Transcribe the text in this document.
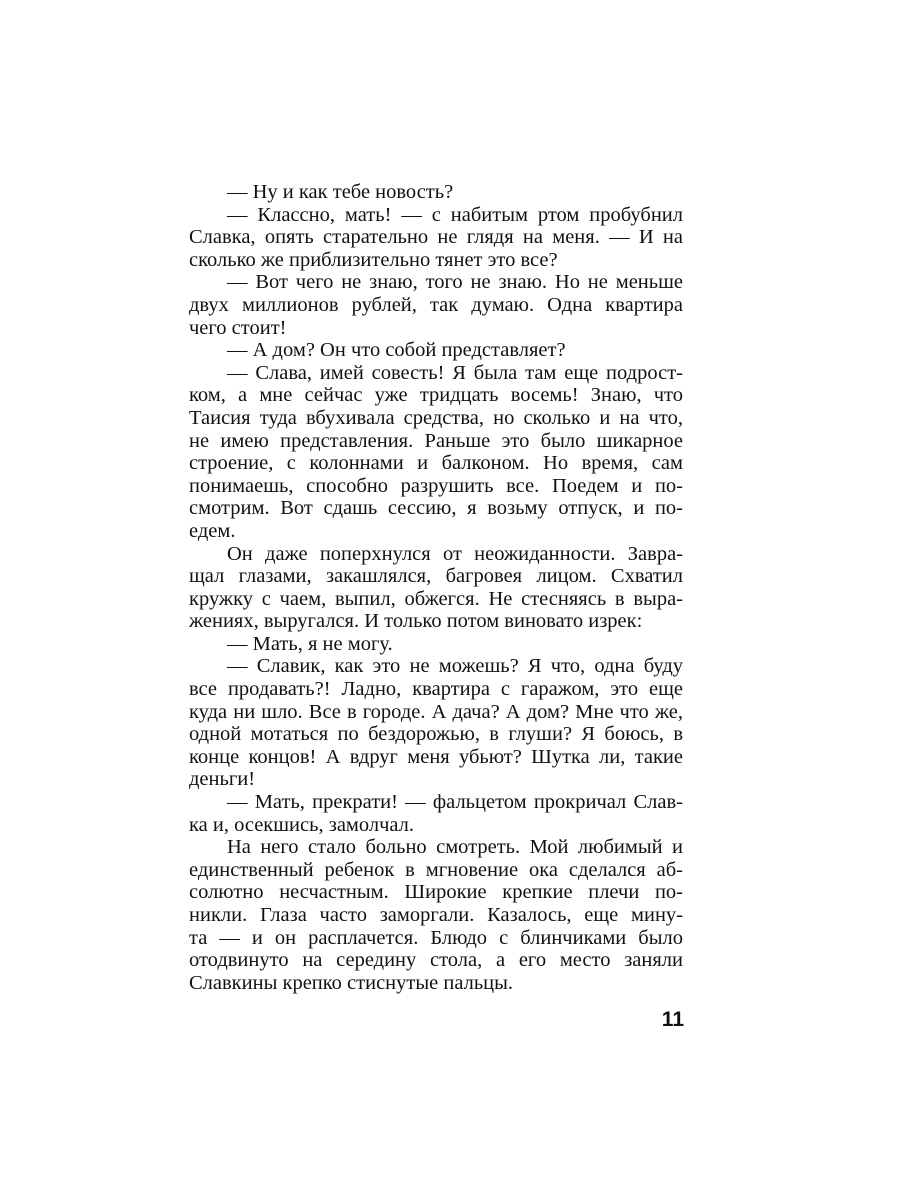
— Ну и как тебе новость?
— Классно, мать! — с набитым ртом пробубнил
Славка, опять старательно не глядя на меня. — И на
сколько же приблизительно тянет это все?
— Вот чего не знаю, того не знаю. Но не меньше
двух миллионов рублей, так думаю. Одна квартира
чего стоит!
— А дом? Он что собой представляет?
— Слава, имей совесть! Я была там еще подрост-
ком, а мне сейчас уже тридцать восемь! Знаю, что
Таисия туда вбухивала средства, но сколько и на что,
не имею представления. Раньше это было шикарное
строение, с колоннами и балконом. Но время, сам
понимаешь, способно разрушить все. Поедем и по-
смотрим. Вот сдашь сессию, я возьму отпуск, и по-
едем.
Он даже поперхнулся от неожиданности. Завра-
щал глазами, закашлялся, багровея лицом. Схватил
кружку с чаем, выпил, обжегся. Не стесняясь в выра-
жениях, выругался. И только потом виновато изрек:
— Мать, я не могу.
— Славик, как это не можешь? Я что, одна буду
все продавать?! Ладно, квартира с гаражом, это еще
куда ни шло. Все в городе. А дача? А дом? Мне что же,
одной мотаться по бездорожью, в глуши? Я боюсь, в
конце концов! А вдруг меня убьют? Шутка ли, такие
деньги!
— Мать, прекрати! — фальцетом прокричал Слав-
ка и, осекшись, замолчал.
На него стало больно смотреть. Мой любимый и
единственный ребенок в мгновение ока сделался аб-
солютно несчастным. Широкие крепкие плечи по-
никли. Глаза часто заморгали. Казалось, еще мину-
та — и он расплачется. Блюдо с блинчиками было
отодвинуто на середину стола, а его место заняли
Славкины крепко стиснутые пальцы.
11
